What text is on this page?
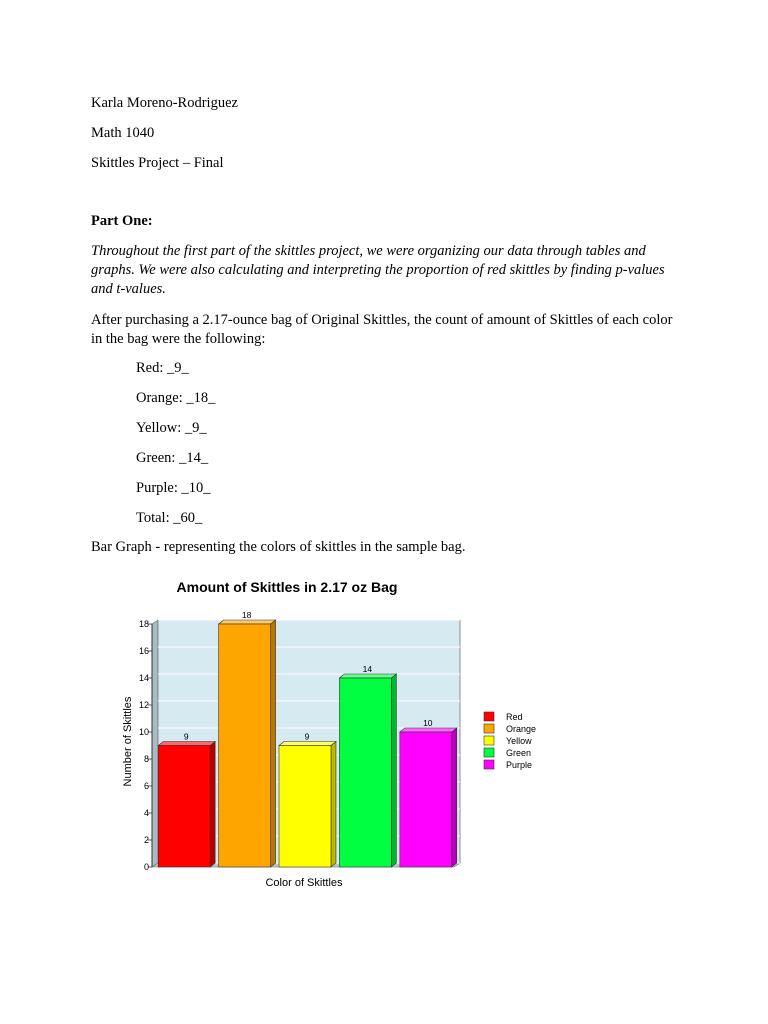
Karla Moreno-Rodriguez
Math 1040
Skittles Project – Final
Part One:
Throughout the first part of the skittles project, we were organizing our data through tables and graphs. We were also calculating and interpreting the proportion of red skittles by finding p-values and t-values.
After purchasing a 2.17-ounce bag of Original Skittles, the count of amount of Skittles of each color in the bag were the following:
Red: _9_
Orange: _18_
Yellow: _9_
Green: _14_
Purple: _10_
Total: _60_
Bar Graph - representing the colors of skittles in the sample bag.
Amount of Skittles in 2.17 oz Bag
0
2
4
6
8
10
12
14
16
18
9
18
9
14
10
Color of Skittles
Number of Skittles	Red
Orange
Yellow
Green
Purple
